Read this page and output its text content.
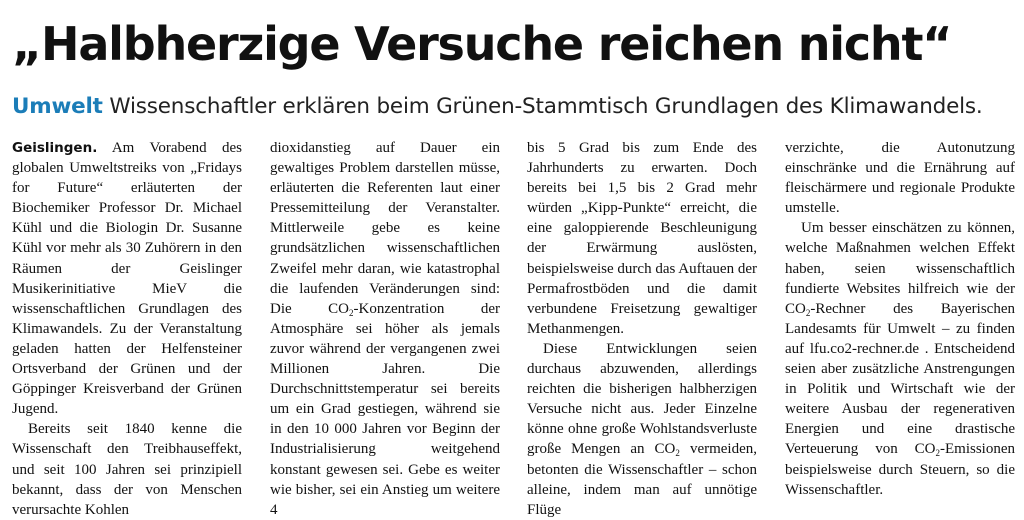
„Halbherzige Versuche reichen nicht“
Umwelt Wissenschaftler erklären beim Grünen-Stammtisch Grundlagen des Klimawandels.

Geislingen. Am Vorabend des globalen Umweltstreiks von „Fridays for Future“ erläuterten der Biochemiker Professor Dr. Michael Kühl und die Biologin Dr. Susanne Kühl vor mehr als 30 Zuhörern in den Räumen der Geislinger Musikerinitiative MieV die wissenschaftlichen Grundlagen des Klimawandels. Zu der Veranstaltung geladen hatten der Helfensteiner Ortsverband der Grünen und der Göppinger Kreisverband der Grünen Jugend.

Bereits seit 1840 kenne die Wissenschaft den Treibhauseffekt, und seit 100 Jahren sei prinzipiell bekannt, dass der von Menschen verursachte Kohlen

dioxidanstieg auf Dauer ein gewaltiges Problem darstellen müsse, erläuterten die Referenten laut einer Pressemitteilung der Veranstalter. Mittlerweile gebe es keine grundsätzlichen wissenschaftlichen Zweifel mehr daran, wie katastrophal die laufenden Veränderungen sind: Die $CO_2$-Konzentration der Atmosphäre sei höher als jemals zuvor während der vergangenen zwei Millionen Jahren. Die Durchschnittstemperatur sei bereits um ein Grad gestiegen, während sie in den 10 000 Jahren vor Beginn der Industrialisierung weitgehend konstant gewesen sei. Gebe es weiter wie bisher, sei ein Anstieg um weitere 4

bis 5 Grad bis zum Ende des Jahrhunderts zu erwarten. Doch bereits bei 1,5 bis 2 Grad mehr würden „Kipp-Punkte“ erreicht, die eine galoppierende Beschleunigung der Erwärmung auslösten, beispielsweise durch das Auftauen der Permafrostböden und die damit verbundene Freisetzung gewaltiger Methanmengen.

Diese Entwicklungen seien durchaus abzuwenden, allerdings reichten die bisherigen halbherzigen Versuche nicht aus. Jeder Einzelne könne ohne große Wohlstandsverluste große Mengen an $CO_2$ vermeiden, betonten die Wissenschaftler – schon alleine, indem man auf unnötige Flüge

verzichte, die Autonutzung einschränke und die Ernährung auf fleischärmere und regionale Produkte umstelle.

Um besser einschätzen zu können, welche Maßnahmen welchen Effekt haben, seien wissenschaftlich fundierte Websites hilfreich wie der $CO_2$-Rechner des Bayerischen Landesamts für Umwelt – zu finden auf lfu.co2-rechner.de . Entscheidend seien aber zusätzliche Anstrengungen in Politik und Wirtschaft wie der weitere Ausbau der regenerativen Energien und eine drastische Verteuerung von $CO_2$-Emissionen beispielsweise durch Steuern, so die Wissenschaftler.
